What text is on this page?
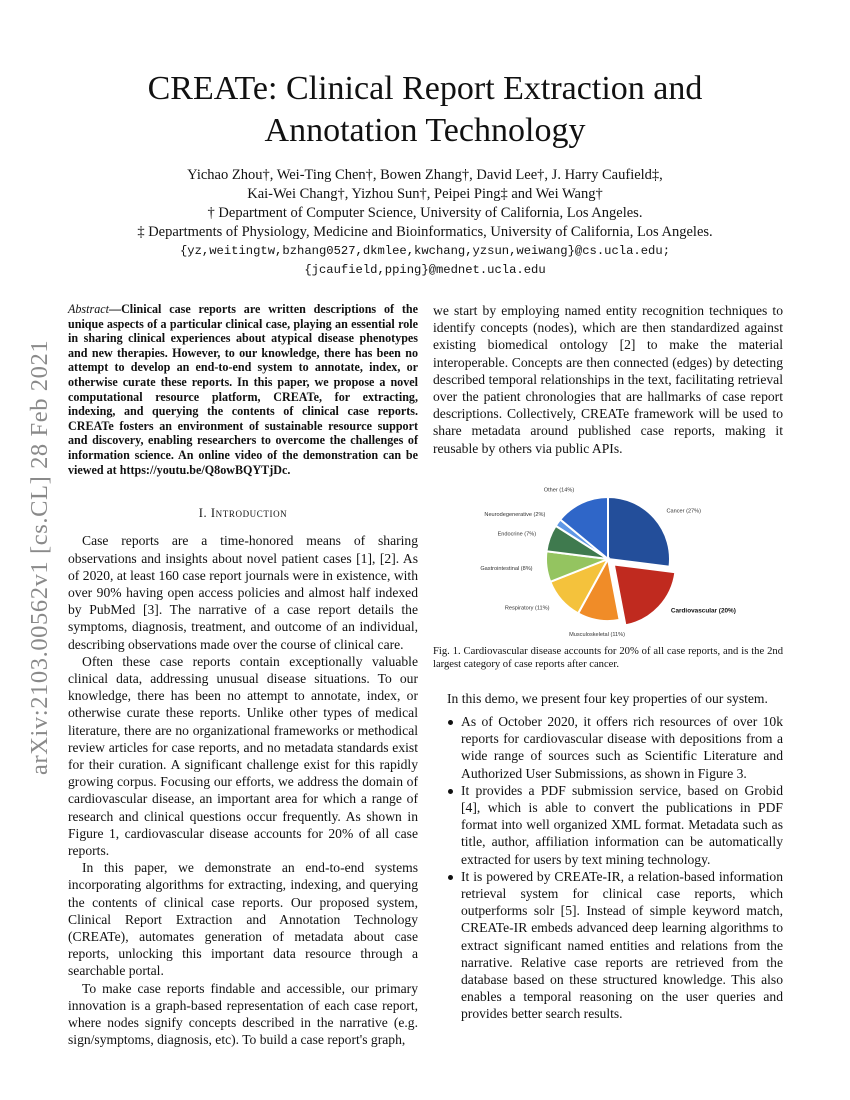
arXiv:2103.00562v1 [cs.CL] 28 Feb 2021
CREATe: Clinical Report Extraction and
Annotation Technology
Yichao Zhou†, Wei-Ting Chen†, Bowen Zhang†, David Lee†, J. Harry Caufield‡,
Kai-Wei Chang†, Yizhou Sun†, Peipei Ping‡ and Wei Wang†
† Department of Computer Science, University of California, Los Angeles.
‡ Departments of Physiology, Medicine and Bioinformatics, University of California, Los Angeles.
{yz,weitingtw,bzhang0527,dkmlee,kwchang,yzsun,weiwang}@cs.ucla.edu;
{jcaufield,pping}@mednet.ucla.edu

Abstract—Clinical case reports are written descriptions of the unique aspects of a particular clinical case, playing an essential role in sharing clinical experiences about atypical disease phenotypes and new therapies. However, to our knowledge, there has been no attempt to develop an end-to-end system to annotate, index, or otherwise curate these reports. In this paper, we propose a novel computational resource platform, CREATe, for extracting, indexing, and querying the contents of clinical case reports. CREATe fosters an environment of sustainable resource support and discovery, enabling researchers to overcome the challenges of information science. An online video of the demonstration can be viewed at https://youtu.be/Q8owBQYTjDc.

I. Introduction

Case reports are a time-honored means of sharing observations and insights about novel patient cases [1], [2]. As of 2020, at least 160 case report journals were in existence, with over 90% having open access policies and almost half indexed by PubMed [3]. The narrative of a case report details the symptoms, diagnosis, treatment, and outcome of an individual, describing observations made over the course of clinical care.

Often these case reports contain exceptionally valuable clinical data, addressing unusual disease situations. To our knowledge, there has been no attempt to annotate, index, or otherwise curate these reports. Unlike other types of medical literature, there are no organizational frameworks or methodical review articles for case reports, and no metadata standards exist for their curation. A significant challenge exist for this rapidly growing corpus. Focusing our efforts, we address the domain of cardiovascular disease, an important area for which a range of research and clinical questions occur frequently. As shown in Figure 1, cardiovascular disease accounts for 20% of all case reports.

In this paper, we demonstrate an end-to-end systems incorporating algorithms for extracting, indexing, and querying the contents of clinical case reports. Our proposed system, Clinical Report Extraction and Annotation Technology (CREATe), automates generation of metadata about case reports, unlocking this important data resource through a searchable portal.

To make case reports findable and accessible, our primary innovation is a graph-based representation of each case report, where nodes signify concepts described in the narrative (e.g. sign/symptoms, diagnosis, etc). To build a case report's graph,

we start by employing named entity recognition techniques to identify concepts (nodes), which are then standardized against existing biomedical ontology [2] to make the material interoperable. Concepts are then connected (edges) by detecting described temporal relationships in the text, facilitating retrieval over the patient chronologies that are hallmarks of case report descriptions. Collectively, CREATe framework will be used to share metadata around published case reports, making it reusable by others via public APIs.

Cancer (27%)
Cardiovascular (20%)
Musculoskeletal (11%)
Respiratory (11%)
Gastrointestinal (8%)
Endocrine (7%)
Neurodegenerative (2%)
Other (14%)
Fig. 1. Cardiovascular disease accounts for 20% of all case reports, and is the 2nd largest category of case reports after cancer.
In this demo, we present four key properties of our system.
As of October 2020, it offers rich resources of over 10k reports for cardiovascular disease with depositions from a wide range of sources such as Scientific Literature and Authorized User Submissions, as shown in Figure 3.
It provides a PDF submission service, based on Grobid [4], which is able to convert the publications in PDF format into well organized XML format. Metadata such as title, author, affiliation information can be automatically extracted for users by text mining technology.
It is powered by CREATe-IR, a relation-based information retrieval system for clinical case reports, which outperforms solr [5]. Instead of simple keyword match, CREATe-IR embeds advanced deep learning algorithms to extract significant named entities and relations from the narrative. Relative case reports are retrieved from the database based on these structured knowledge. This also enables a temporal reasoning on the user queries and provides better search results.
